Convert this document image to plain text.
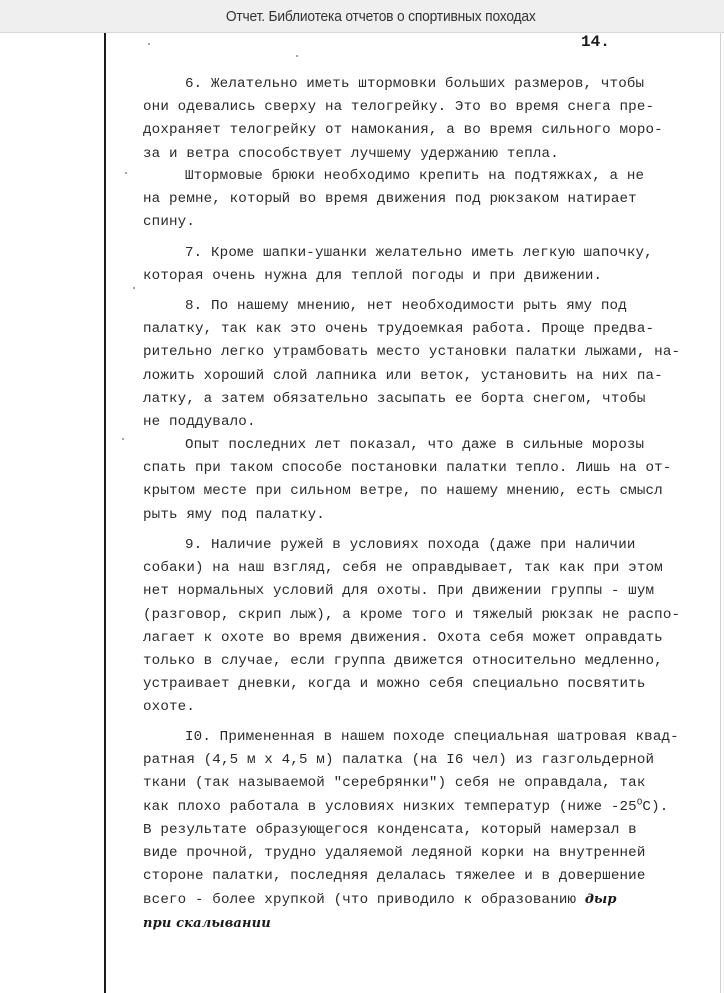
Отчет. Библиотека отчетов о спортивных походах
14.
6. Желательно иметь штормовки больших размеров, чтобы
они одевались сверху на телогрейку. Это во время снега пре-
дохраняет телогрейку от намокания, а во время сильного моро-
за и ветра способствует лучшему удержанию тепла.
Штормовые брюки необходимо крепить на подтяжках, а не
на ремне, который во время движения под рюкзаком натирает
спину.
7. Кроме шапки-ушанки желательно иметь легкую шапочку,
которая очень нужна для теплой погоды и при движении.
8. По нашему мнению, нет необходимости рыть яму под
палатку, так как это очень трудоемкая работа. Проще предва-
рительно легко утрамбовать место установки палатки лыжами, на-
ложить хороший слой лапника или веток, установить на них па-
латку, а затем обязательно засыпать ее борта снегом, чтобы
не поддувало.
Опыт последних лет показал, что даже в сильные морозы
спать при таком способе постановки палатки тепло. Лишь на от-
крытом месте при сильном ветре, по нашему мнению, есть смысл
рыть яму под палатку.
9. Наличие ружей в условиях похода (даже при наличии
собаки) на наш взгляд, себя не оправдывает, так как при этом
нет нормальных условий для охоты. При движении группы - шум
(разговор, скрип лыж), а кроме того и тяжелый рюкзак не распо-
лагает к охоте во время движения. Охота себя может оправдать
только в случае, если группа движется относительно медленно,
устраивает дневки, когда и можно себя специально посвятить
охоте.
I0. Примененная в нашем походе специальная шатровая квад-
ратная (4,5 м х 4,5 м) палатка (на I6 чел) из газгольдерной
ткани (так называемой "серебрянки") себя не оправдала, так
как плохо работала в условиях низких температур (ниже $-25^OC$).
В результате образующегося конденсата, который намерзал в
виде прочной, трудно удаляемой ледяной корки на внутренней
стороне палатки, последняя делалась тяжелее и в довершение
всего - более хрупкой (что приводило к образованию дыр
при скалывании
